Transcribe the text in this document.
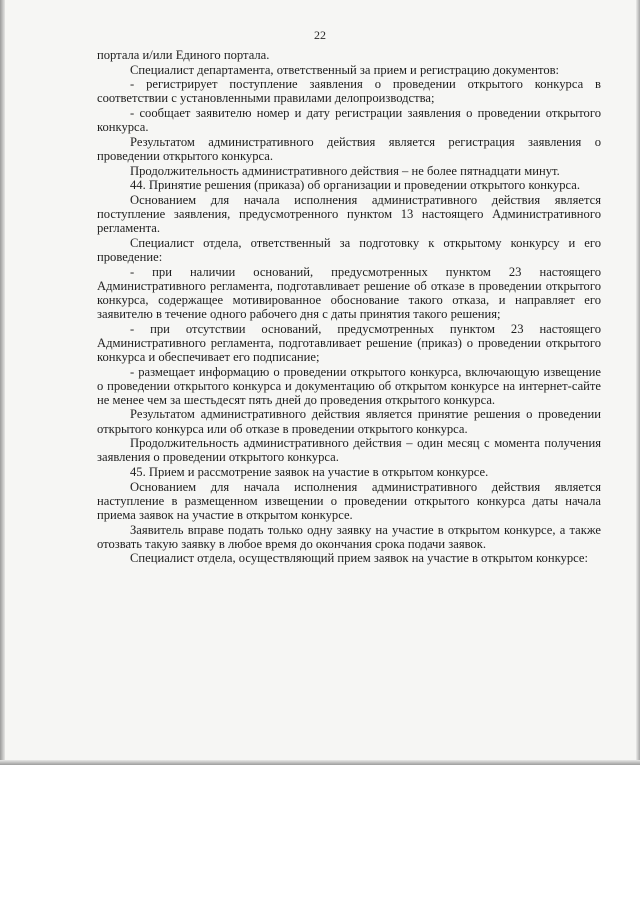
22

портала и/или Единого портала.

Специалист департамента, ответственный за прием и регистрацию документов:

- регистрирует поступление заявления о проведении открытого конкурса в соответствии с установленными правилами делопроизводства;

- сообщает заявителю номер и дату регистрации заявления о проведении открытого конкурса.

Результатом административного действия является регистрация заявления о проведении открытого конкурса.

Продолжительность административного действия – не более пятнадцати минут.

44. Принятие решения (приказа) об организации и проведении открытого конкурса.

Основанием для начала исполнения административного действия является поступление заявления, предусмотренного пунктом 13 настоящего Административного регламента.

Специалист отдела, ответственный за подготовку к открытому конкурсу и его проведение:

- при наличии оснований, предусмотренных пунктом 23 настоящего Административного регламента, подготавливает решение об отказе в проведении открытого конкурса, содержащее мотивированное обоснование такого отказа, и направляет его заявителю в течение одного рабочего дня с даты принятия такого решения;

- при отсутствии оснований, предусмотренных пунктом 23 настоящего Административного регламента, подготавливает решение (приказ) о проведении открытого конкурса и обеспечивает его подписание;

- размещает информацию о проведении открытого конкурса, включающую извещение о проведении открытого конкурса и документацию об открытом конкурсе на интернет-сайте не менее чем за шестьдесят пять дней до проведения открытого конкурса.

Результатом административного действия является принятие решения о проведении открытого конкурса или об отказе в проведении открытого конкурса.

Продолжительность административного действия – один месяц с момента получения заявления о проведении открытого конкурса.

45. Прием и рассмотрение заявок на участие в открытом конкурсе.

Основанием для начала исполнения административного действия является наступление в размещенном извещении о проведении открытого конкурса даты начала приема заявок на участие в открытом конкурсе.

Заявитель вправе подать только одну заявку на участие в открытом конкурсе, а также отозвать такую заявку в любое время до окончания срока подачи заявок.

Специалист отдела, осуществляющий прием заявок на участие в открытом конкурсе:
